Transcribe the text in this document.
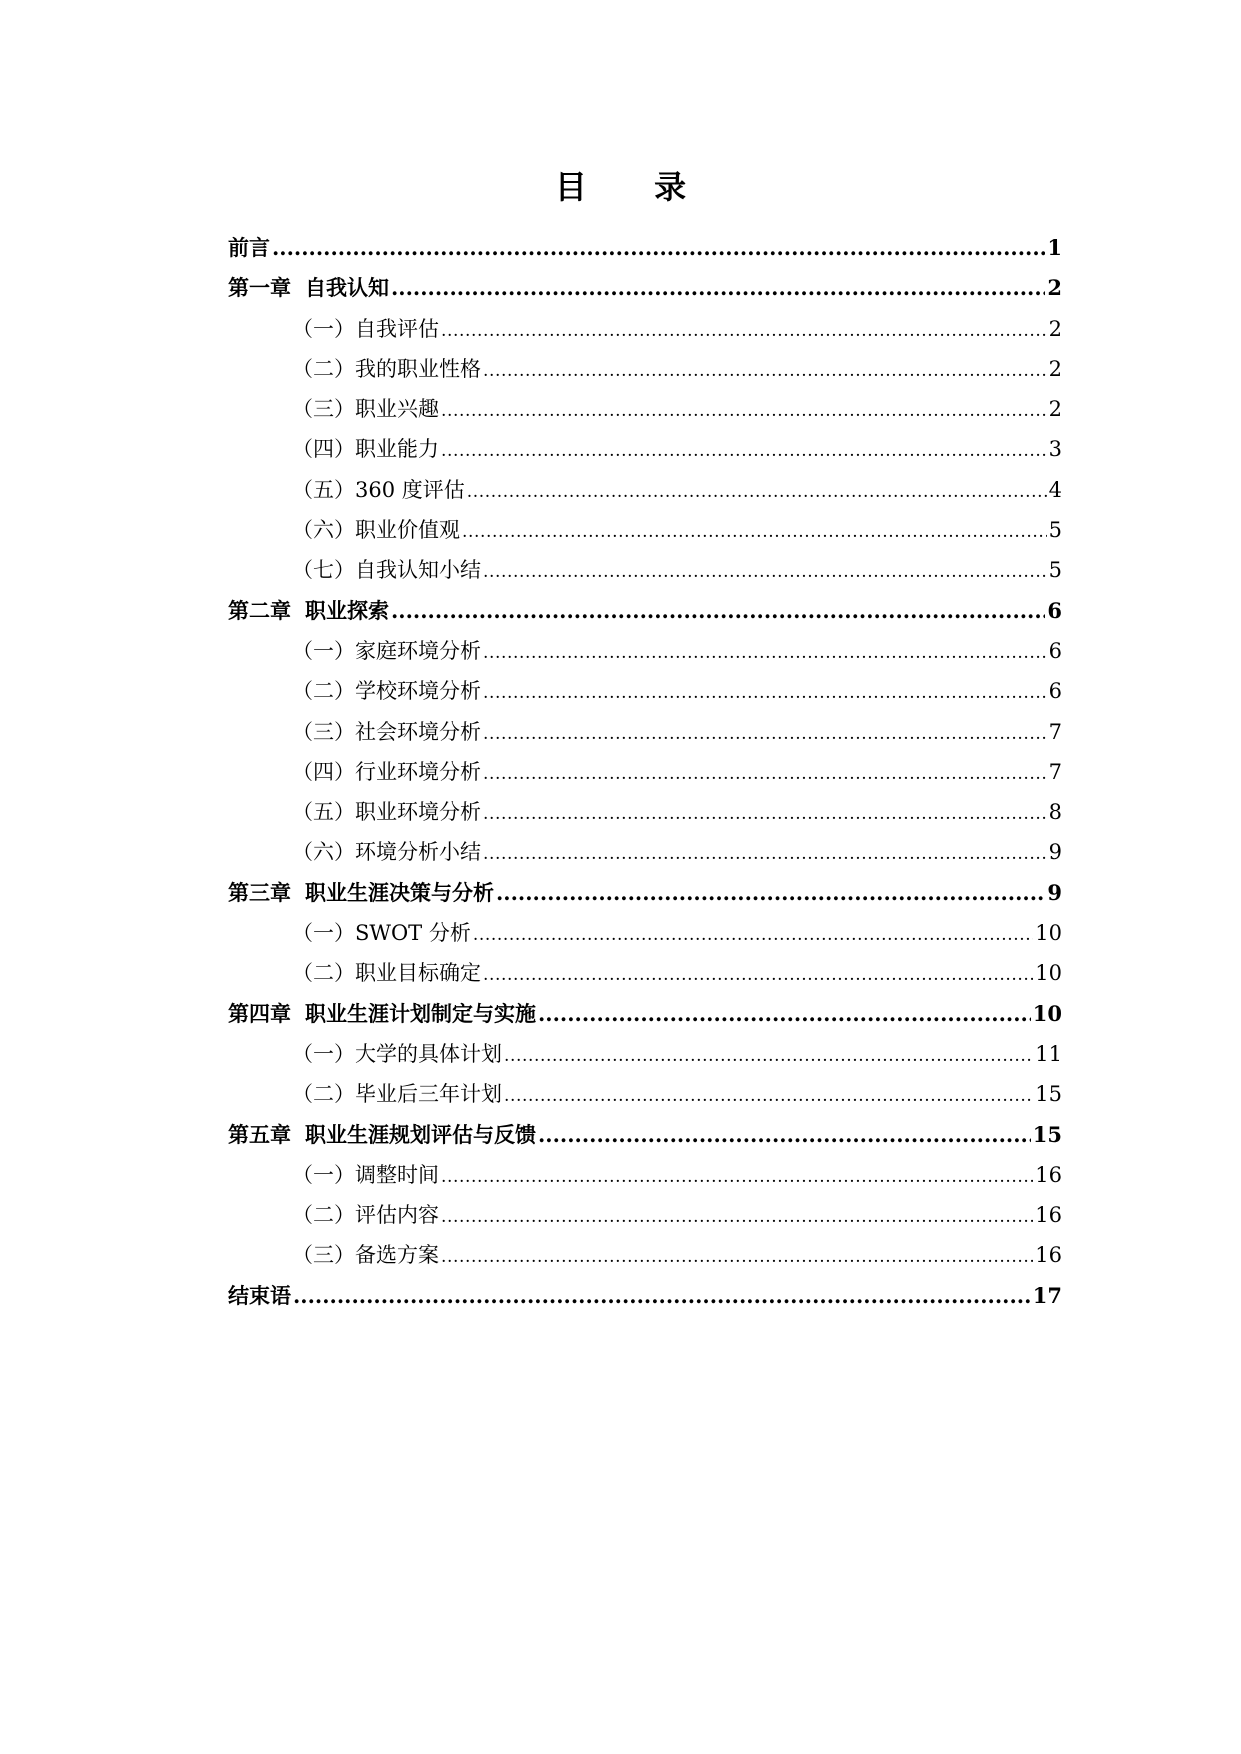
目 录
前言 .....	1
第一章 自我认知 .....	2
（一）自我评估 .....	2
（二）我的职业性格 .....	2
（三）职业兴趣 .....	2
（四）职业能力 .....	3
（五）360 度评估 .....	4
（六）职业价值观 .....	5
（七）自我认知小结 .....	5
第二章 职业探索 .....	6
（一）家庭环境分析 .....	6
（二）学校环境分析 .....	6
（三）社会环境分析 .....	7
（四）行业环境分析 .....	7
（五）职业环境分析 .....	8
（六）环境分析小结 .....	9
第三章 职业生涯决策与分析 .....	9
（一）SWOT 分析 .....	10
（二）职业目标确定 .....	10
第四章 职业生涯计划制定与实施 .....	10
（一）大学的具体计划 .....	11
（二）毕业后三年计划 .....	15
第五章 职业生涯规划评估与反馈 .....	15
（一）调整时间 .....	16
（二）评估内容 .....	16
（三）备选方案 .....	16
结束语 .....	17
